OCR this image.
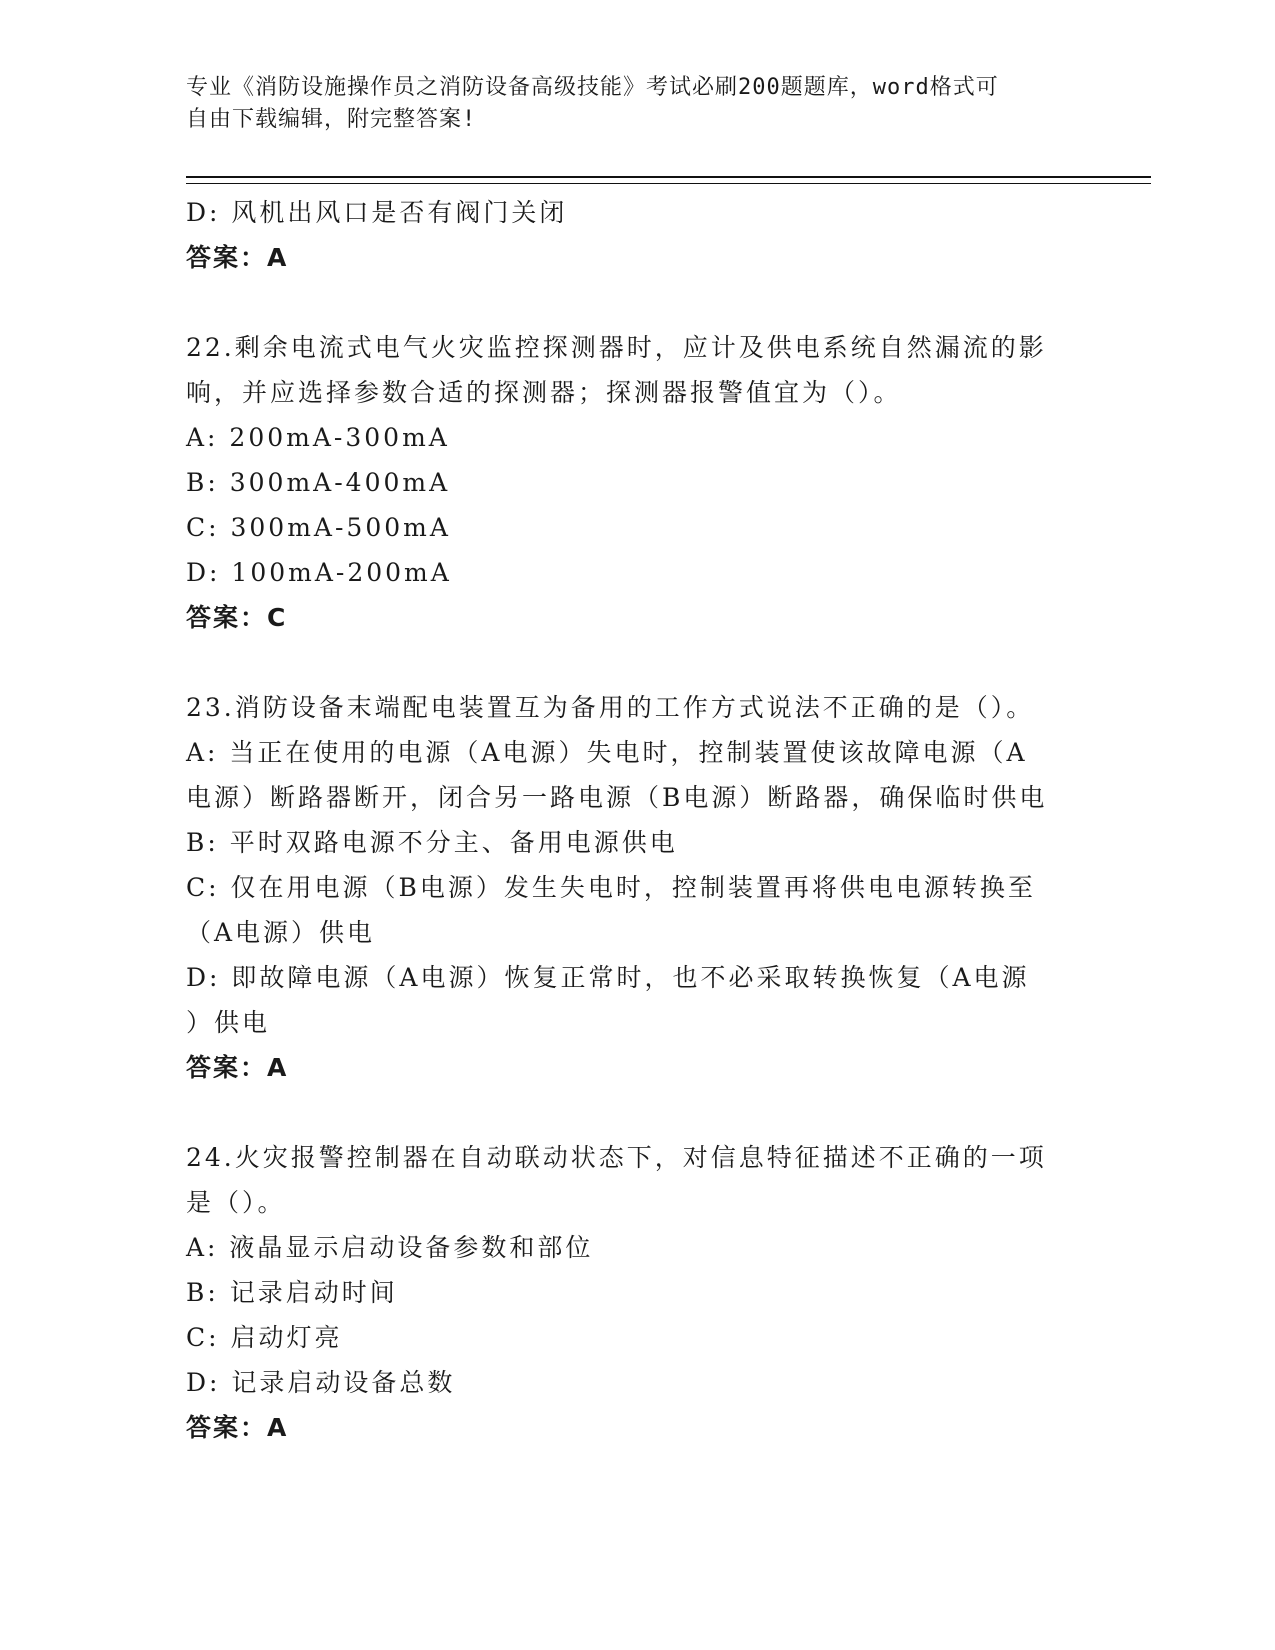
专业《消防设施操作员之消防设备高级技能》考试必刷200题题库，word格式可
自由下载编辑，附完整答案!
D: 风机出风口是否有阀门关闭
答案：A
22.剩余电流式电气火灾监控探测器时，应计及供电系统自然漏流的影
响，并应选择参数合适的探测器；探测器报警值宜为（）。
A: 200mA-300mA
B: 300mA-400mA
C: 300mA-500mA
D: 100mA-200mA
答案：C
23.消防设备末端配电装置互为备用的工作方式说法不正确的是（）。
A: 当正在使用的电源（A电源）失电时，控制装置使该故障电源（A
电源）断路器断开，闭合另一路电源（B电源）断路器，确保临时供电
B: 平时双路电源不分主、备用电源供电
C: 仅在用电源（B电源）发生失电时，控制装置再将供电电源转换至
（A电源）供电
D: 即故障电源（A电源）恢复正常时，也不必采取转换恢复（A电源
）供电
答案：A
24.火灾报警控制器在自动联动状态下，对信息特征描述不正确的一项
是（）。
A: 液晶显示启动设备参数和部位
B: 记录启动时间
C: 启动灯亮
D: 记录启动设备总数
答案：A
